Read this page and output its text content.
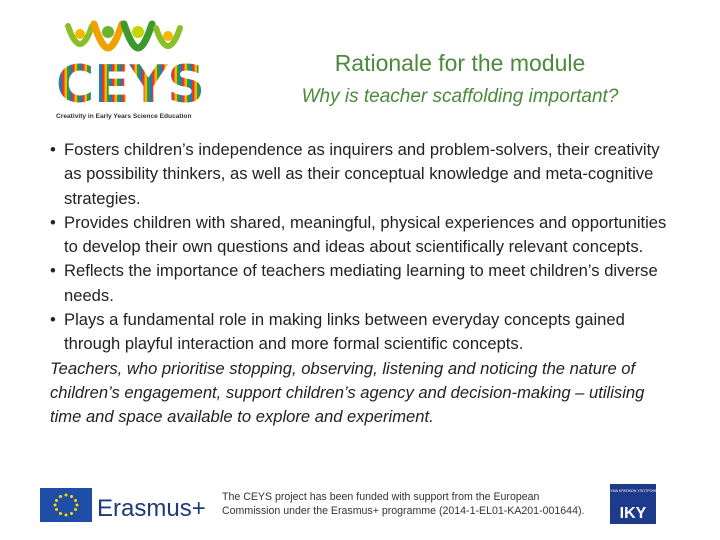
CEYS
Creativity in Early Years Science Education
Rationale for the module
Why is teacher scaffolding important?
• Fosters children’s independence as inquirers and problem-solvers, their creativity as possibility thinkers, as well as their conceptual knowledge and meta-cognitive strategies.
• Provides children with shared, meaningful, physical experiences and opportunities to develop their own questions and ideas about scientifically relevant concepts.
• Reflects the importance of teachers mediating learning to meet children’s diverse needs.
• Plays a fundamental role in making links between everyday concepts gained through playful interaction and more formal scientific concepts.
Teachers, who prioritise stopping, observing, listening and noticing the nature of children’s engagement, support children’s agency and decision-making – utilising time and space available to explore and experiment.
Erasmus+ The CEYS project has been funded with support from the European
Commission under the Erasmus+ programme (2014-1-EL01-KA201-001644).
ΙΔΡΥΜΑ ΚΡΑΤΙΚΩΝ ΥΠΟΤΡΟΦΙΩΝ
IKY
